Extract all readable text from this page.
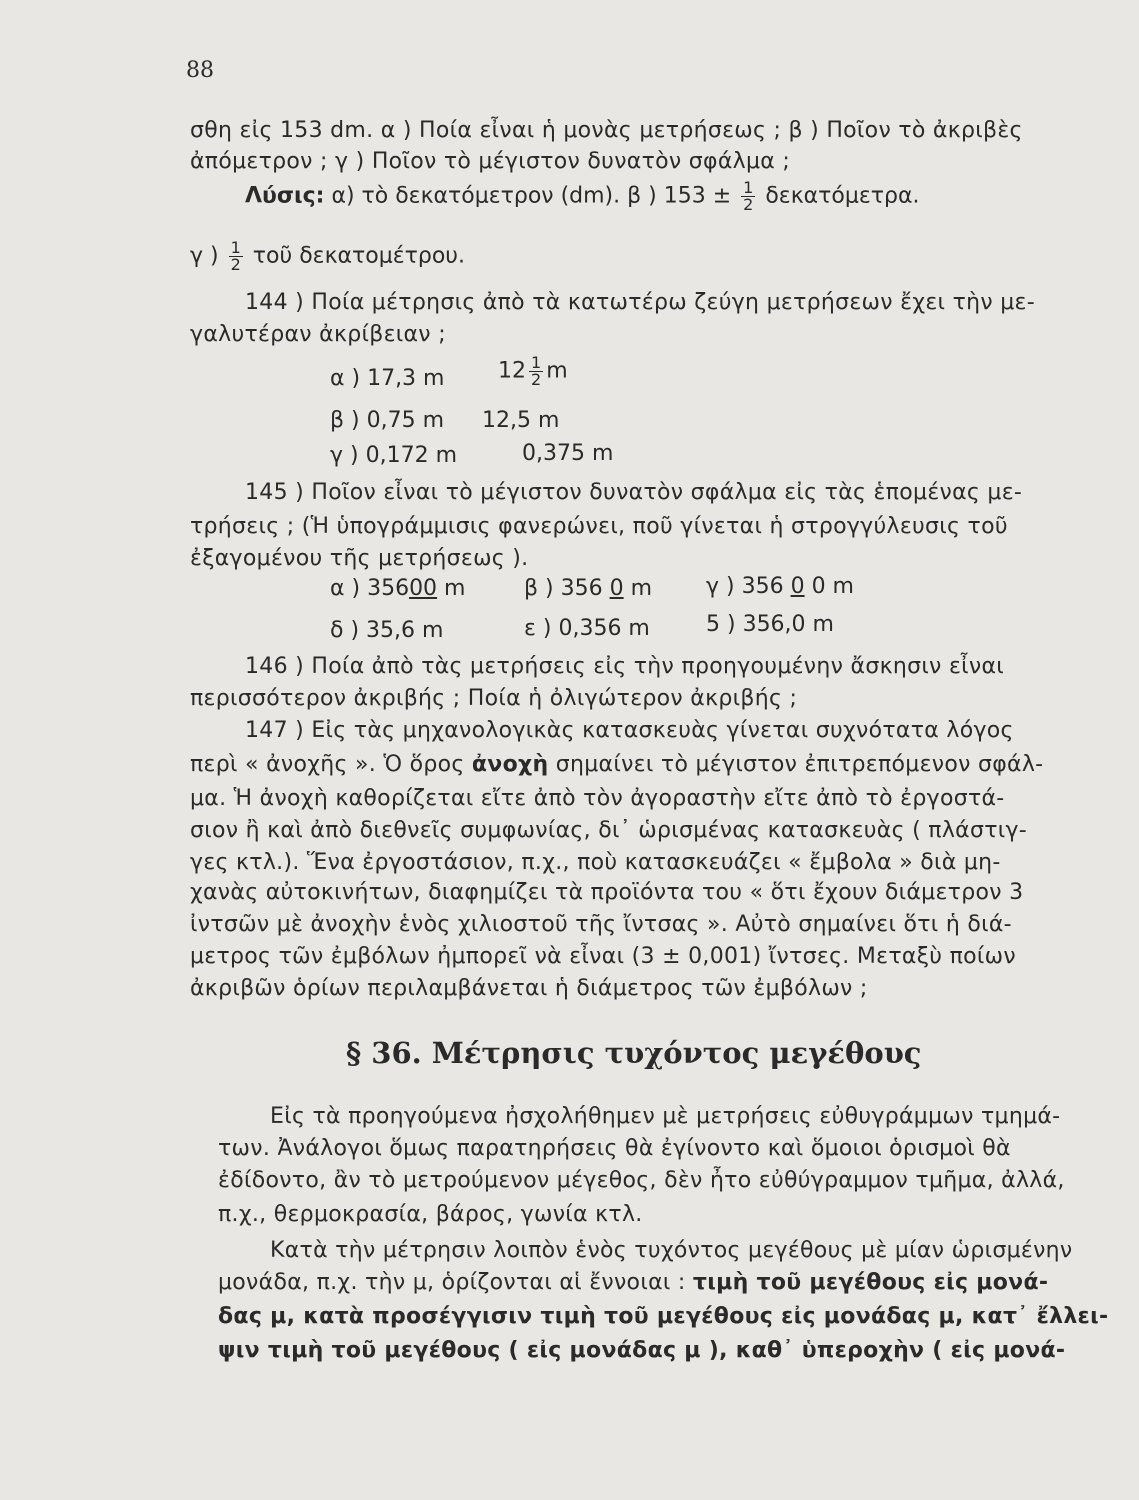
88
σθη εἰς 153 dm. α ) Ποία εἶναι ἡ μονὰς μετρήσεως ; β ) Ποῖον τὸ ἀκριβὲς
ἀπόμετρον ; γ ) Ποῖον τὸ μέγιστον δυνατὸν σφάλμα ;
Λύσις: α) τὸ δεκατόμετρον (dm). β ) $153 \pm \frac{1}{2} \delta\varepsilon\kappa\alpha\tau ό\mu\varepsilon\tau\rho\alpha$.
γ ) $\frac{1}{2}$ τοῦ δεκατομέτρου.
144 ) Ποία μέτρησις ἀπὸ τὰ κατωτέρω ζεύγη μετρήσεων ἔχει τὴν με-
γαλυτέραν ἀκρίβειαν ;
α ) 17,3 m $12 \frac{1}{2}$ m
β ) 0,75 m 12,5 m
γ ) 0,172 m	0,375 m
145 ) Ποῖον εἶναι τὸ μέγιστον δυνατὸν σφάλμα εἰς τὰς ἑπομένας με-
τρήσεις ; (Ἡ ὑπογράμμισις φανερώνει, ποῦ γίνεται ἡ στρογγύλευσις τοῦ
ἐξαγομένου τῆς μετρήσεως ).
α ) 35600 m	β ) 356 0 m γ ) 356 0 0 m
δ ) 35,6 m	ε ) 0,356 m	5 ) 356,0 m
146 ) Ποία ἀπὸ τὰς μετρήσεις εἰς τὴν προηγουμένην ἄσκησιν εἶναι
περισσότερον ἀκριβής ; Ποία ἡ ὀλιγώτερον ἀκριβής ;
147 ) Εἰς τὰς μηχανολογικὰς κατασκευὰς γίνεται συχνότατα λόγος
περὶ « ἀνοχῆς ». Ὁ ὅρος ἀνοχὴ σημαίνει τὸ μέγιστον ἐπιτρεπόμενον σφάλ-
μα. Ἡ ἀνοχὴ καθορίζεται εἴτε ἀπὸ τὸν ἀγοραστὴν εἴτε ἀπὸ τὸ ἐργοστά-
σιον ἢ καὶ ἀπὸ διεθνεῖς συμφωνίας, δι᾽ ὡρισμένας κατασκευὰς ( πλάστιγ-
γες κτλ.). Ἕνα ἐργοστάσιον, π.χ., ποὺ κατασκευάζει « ἔμβολα » διὰ μη-
χανὰς αὐτοκινήτων, διαφημίζει τὰ προϊόντα του « ὅτι ἔχουν διάμετρον 3
ἰντσῶν μὲ ἀνοχὴν ἑνὸς χιλιοστοῦ τῆς ἴντσας ». Αὐτὸ σημαίνει ὅτι ἡ διά-
μετρος τῶν ἐμβόλων ἠμπορεῖ νὰ εἶναι (3 ± 0,001) ἴντσες. Μεταξὺ ποίων
ἀκριβῶν ὁρίων περιλαμβάνεται ἡ διάμετρος τῶν ἐμβόλων ;
§ 36. Μέτρησις τυχόντος μεγέθους
Εἰς τὰ προηγούμενα ἠσχολήθημεν μὲ μετρήσεις εὐθυγράμμων τμημά-
των. Ἀνάλογοι ὅμως παρατηρήσεις θὰ ἐγίνοντο καὶ ὅμοιοι ὁρισμοὶ θὰ
ἐδίδοντο, ἂν τὸ μετρούμενον μέγεθος, δὲν ἦτο εὐθύγραμμον τμῆμα, ἀλλά,
π.χ., θερμοκρασία, βάρος, γωνία κτλ.
Κατὰ τὴν μέτρησιν λοιπὸν ἑνὸς τυχόντος μεγέθους μὲ μίαν ὡρισμένην
μονάδα, π.χ. τὴν μ, ὁρίζονται αἱ ἔννοιαι : τιμὴ τοῦ μεγέθους εἰς μονά-
δας μ, κατὰ προσέγγισιν τιμὴ τοῦ μεγέθους εἰς μονάδας μ, κατ᾽ ἔλλει-
ψιν τιμὴ τοῦ μεγέθους ( εἰς μονάδας μ ), καθ᾽ ὑπεροχὴν ( εἰς μονά-
